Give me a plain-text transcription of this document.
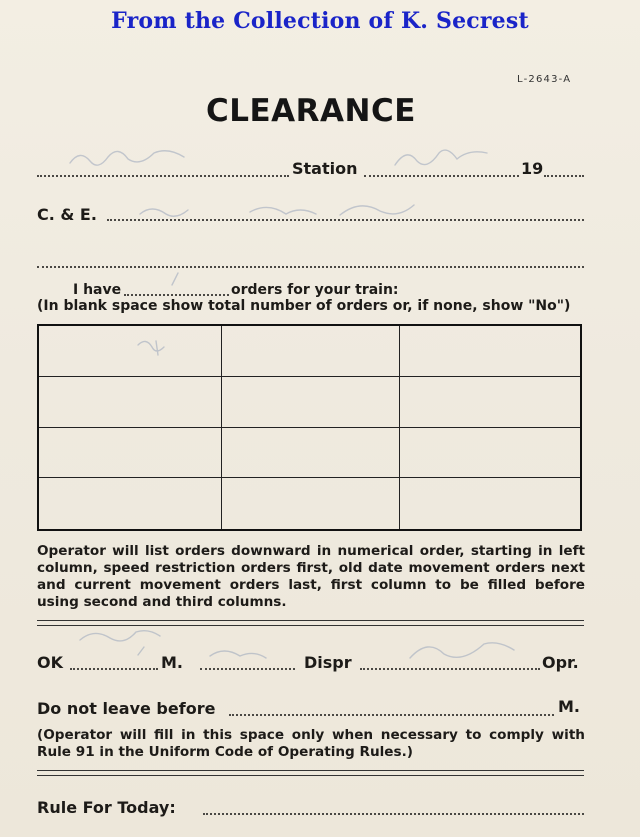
From the Collection of K. Secrest
L-2643-A
CLEARANCE
Station	19
C. & E.
I have	orders for your train:
(In blank space show total number of orders or, if none, show "No")
Operator will list orders downward in numerical order, starting in left column, speed restriction orders first, old date movement orders next and current movement orders last, first column to be filled before using second and third columns.
OK	M.	Dispr	Opr.
Do not leave before	M.
(Operator will fill in this space only when necessary to comply with Rule 91 in the Uniform Code of Operating Rules.)
Rule For Today:
